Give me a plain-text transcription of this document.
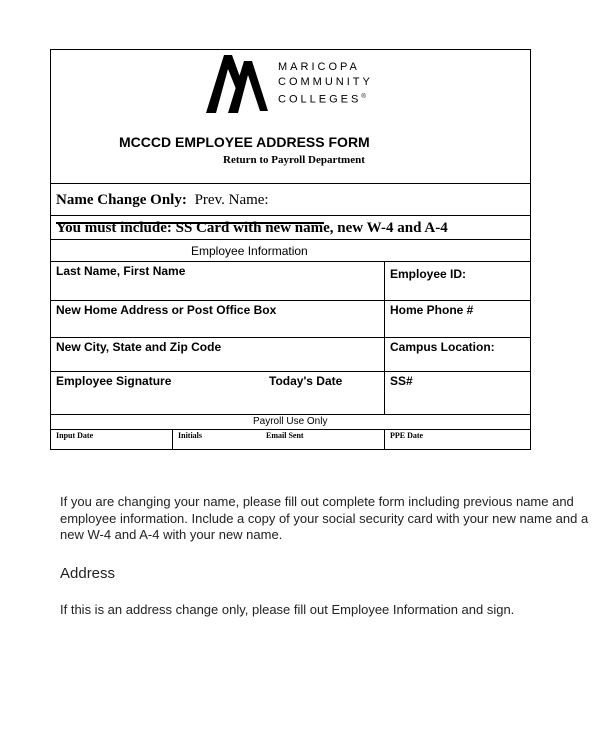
MARICOPA
COMMUNITY
COLLEGES®
MCCCD EMPLOYEE ADDRESS FORM
Return to Payroll Department
Name Change Only: Prev. Name:
You must include: SS Card with new name, new W-4 and A-4
Employee Information
Last Name, First Name	Employee ID:
New Home Address or Post Office Box	Home Phone #
New City, State and Zip Code	Campus Location:
Employee Signature	Today's Date	SS#
Payroll Use Only
Input Date	Initials	Email Sent	PPE Date
If you are changing your name, please fill out complete form including previous name and
employee information. Include a copy of your social security card with your new name and a
new W-4 and A-4 with your new name.
Address
If this is an address change only, please fill out Employee Information and sign.
